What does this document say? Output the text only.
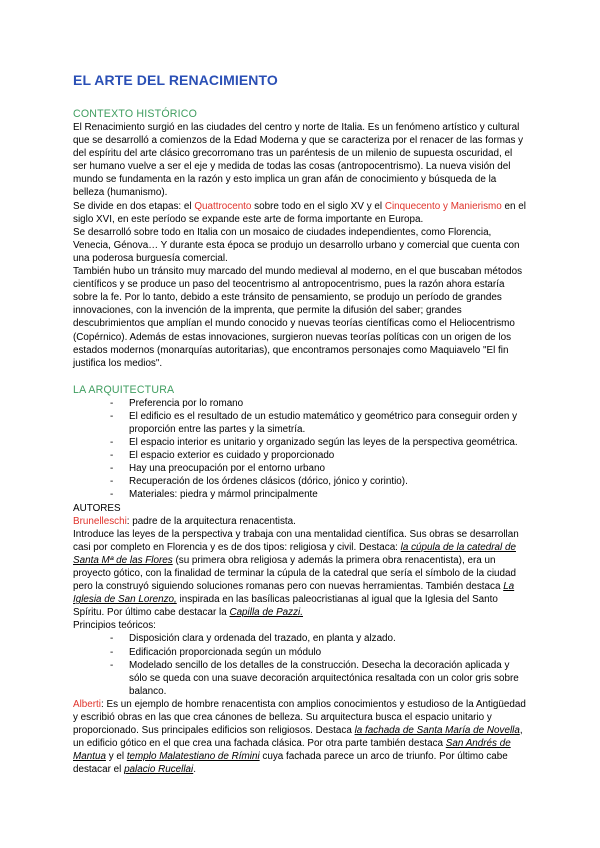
EL ARTE DEL RENACIMIENTO
CONTEXTO HISTÓRICO

El Renacimiento surgió en las ciudades del centro y norte de Italia. Es un fenómeno artístico y cultural que se desarrolló a comienzos de la Edad Moderna y que se caracteriza por el renacer de las formas y del espíritu del arte clásico grecorromano tras un paréntesis de un milenio de supuesta oscuridad, el ser humano vuelve a ser el eje y medida de todas las cosas (antropocentrismo). La nueva visión del mundo se fundamenta en la razón y esto implica un gran afán de conocimiento y búsqueda de la belleza (humanismo).

Se divide en dos etapas: el Quattrocento sobre todo en el siglo XV y el Cinquecento y Manierismo en el siglo XVI, en este período se expande este arte de forma importante en Europa.

Se desarrolló sobre todo en Italia con un mosaico de ciudades independientes, como Florencia, Venecia, Génova… Y durante esta época se produjo un desarrollo urbano y comercial que cuenta con una poderosa burguesía comercial.

También hubo un tránsito muy marcado del mundo medieval al moderno, en el que buscaban métodos científicos y se produce un paso del teocentrismo al antropocentrismo, pues la razón ahora estaría sobre la fe. Por lo tanto, debido a este tránsito de pensamiento, se produjo un período de grandes innovaciones, con la invención de la imprenta, que permite la difusión del saber; grandes descubrimientos que amplían el mundo conocido y nuevas teorías científicas como el Heliocentrismo (Copérnico). Además de estas innovaciones, surgieron nuevas teorías políticas con un origen de los estados modernos (monarquías autoritarias), que encontramos personajes como Maquiavelo "El fin justifica los medios".

LA ARQUITECTURA
- Preferencia por lo romano
- El edificio es el resultado de un estudio matemático y geométrico para conseguir orden y proporción entre las partes y la simetría.
- El espacio interior es unitario y organizado según las leyes de la perspectiva geométrica.
- El espacio exterior es cuidado y proporcionado
- Hay una preocupación por el entorno urbano
- Recuperación de los órdenes clásicos (dórico, jónico y corintio).
- Materiales: piedra y mármol principalmente

AUTORES

Brunelleschi: padre de la arquitectura renacentista.

Introduce las leyes de la perspectiva y trabaja con una mentalidad científica. Sus obras se desarrollan casi por completo en Florencia y es de dos tipos: religiosa y civil. Destaca: la cúpula de la catedral de Santa Mª de las Flores (su primera obra religiosa y además la primera obra renacentista), era un proyecto gótico, con la finalidad de terminar la cúpula de la catedral que sería el símbolo de la ciudad pero la construyó siguiendo soluciones romanas pero con nuevas herramientas. También destaca La Iglesia de San Lorenzo, inspirada en las basílicas paleocristianas al igual que la Iglesia del Santo Spíritu. Por último cabe destacar la Capilla de Pazzi.

Principios teóricos:

- Disposición clara y ordenada del trazado, en planta y alzado.
- Edificación proporcionada según un módulo
- Modelado sencillo de los detalles de la construcción. Desecha la decoración aplicada y sólo se queda con una suave decoración arquitectónica resaltada con un color gris sobre balanco.

Alberti: Es un ejemplo de hombre renacentista con amplios conocimientos y estudioso de la Antigüedad y escribió obras en las que crea cánones de belleza. Su arquitectura busca el espacio unitario y proporcionado. Sus principales edificios son religiosos. Destaca la fachada de Santa María de Novella, un edificio gótico en el que crea una fachada clásica. Por otra parte también destaca San Andrés de Mantua y el templo Malatestiano de Rímini cuya fachada parece un arco de triunfo. Por último cabe destacar el palacio Rucellai.
